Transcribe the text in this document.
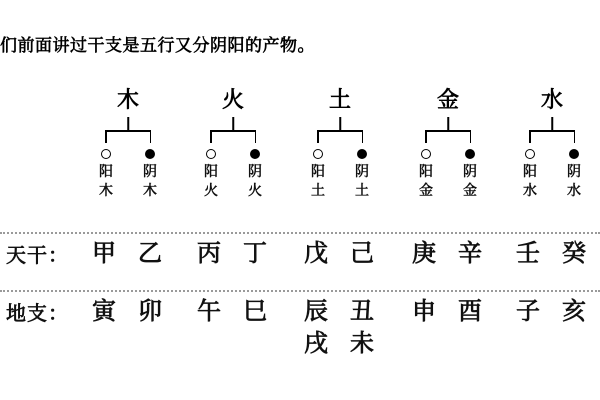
们前面讲过干支是五行又分阴阳的产物。
木
阳 阴
木 木
火
阳 阴
火 火
土
阳 阴
土 土
金
阳 阴
金 金
水
阳 阴
水 水
天干： 甲 乙 丙 丁 戊 己 庚 辛 壬 癸
地支： 寅 卯 午 巳 辰 丑
戌 未
申 酉 子 亥
